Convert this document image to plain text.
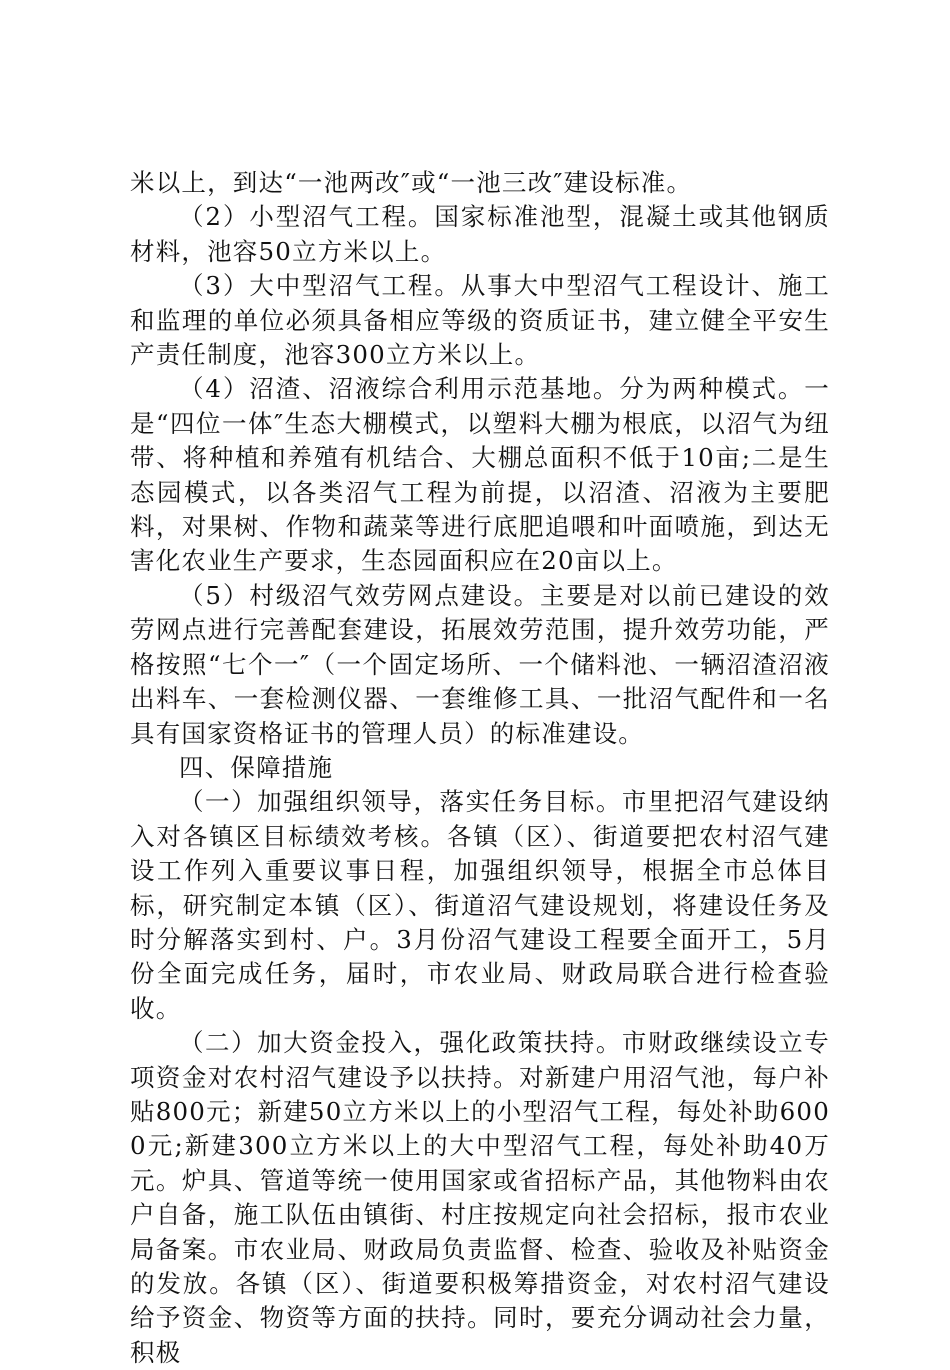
米以上，到达“一池两改″或“一池三改″建设标准。

（2）小型沼气工程。国家标准池型，混凝土或其他钢质材料，池容50立方米以上。

（3）大中型沼气工程。从事大中型沼气工程设计、施工和监理的单位必须具备相应等级的资质证书，建立健全平安生产责任制度，池容300立方米以上。

（4）沼渣、沼液综合利用示范基地。分为两种模式。一是“四位一体″生态大棚模式，以塑料大棚为根底，以沼气为纽带、将种植和养殖有机结合、大棚总面积不低于10亩;二是生态园模式，以各类沼气工程为前提，以沼渣、沼液为主要肥料，对果树、作物和蔬菜等进行底肥追喂和叶面喷施，到达无害化农业生产要求，生态园面积应在20亩以上。

（5）村级沼气效劳网点建设。主要是对以前已建设的效劳网点进行完善配套建设，拓展效劳范围，提升效劳功能，严格按照“七个一″（一个固定场所、一个储料池、一辆沼渣沼液出料车、一套检测仪器、一套维修工具、一批沼气配件和一名具有国家资格证书的管理人员）的标准建设。

四、保障措施

（一）加强组织领导，落实任务目标。市里把沼气建设纳入对各镇区目标绩效考核。各镇（区）、街道要把农村沼气建设工作列入重要议事日程，加强组织领导，根据全市总体目标，研究制定本镇（区）、街道沼气建设规划，将建设任务及时分解落实到村、户。3月份沼气建设工程要全面开工，5月份全面完成任务，届时，市农业局、财政局联合进行检查验收。

（二）加大资金投入，强化政策扶持。市财政继续设立专项资金对农村沼气建设予以扶持。对新建户用沼气池，每户补贴800元；新建50立方米以上的小型沼气工程，每处补助6000元;新建300立方米以上的大中型沼气工程，每处补助40万元。炉具、管道等统一使用国家或省招标产品，其他物料由农户自备，施工队伍由镇街、村庄按规定向社会招标，报市农业局备案。市农业局、财政局负责监督、检查、验收及补贴资金的发放。各镇（区）、街道要积极筹措资金，对农村沼气建设给予资金、物资等方面的扶持。同时，要充分调动社会力量，积极
